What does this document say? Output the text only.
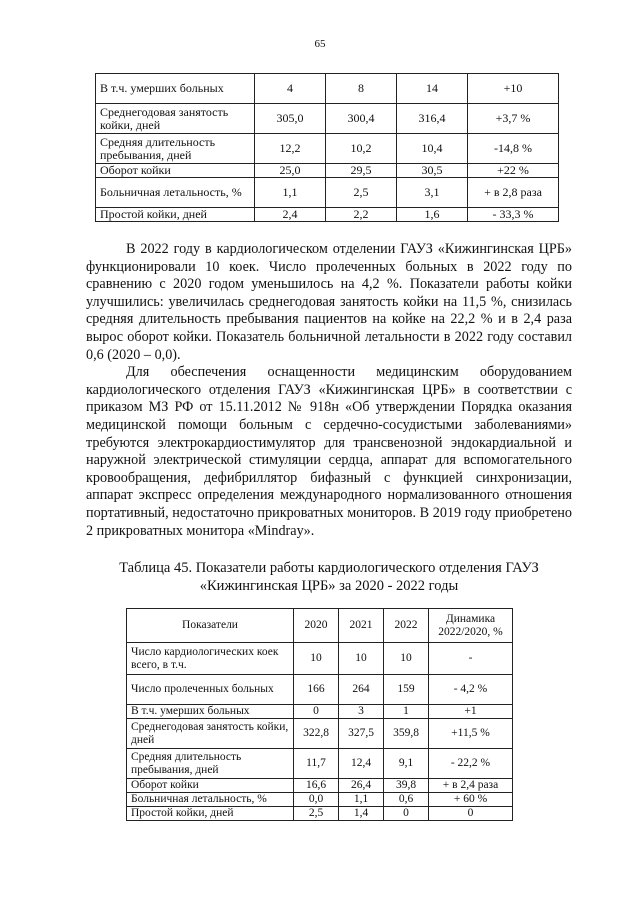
65
В т.ч. умерших больных	4	8	14	+10
Среднегодовая занятость койки, дней	305,0	300,4	316,4	+3,7 %
Средняя длительность пребывания, дней	12,2	10,2	10,4	-14,8 %
Оборот койки	25,0	29,5	30,5	+22 %
Больничная летальность, %	1,1	2,5	3,1	+ в 2,8 раза
Простой койки, дней	2,4	2,2	1,6	- 33,3 %

В 2022 году в кардиологическом отделении ГАУЗ «Кижингинская ЦРБ» функционировали 10 коек. Число пролеченных больных в 2022 году по сравнению с 2020 годом уменьшилось на 4,2 %. Показатели работы койки улучшились: увеличилась среднегодовая занятость койки на 11,5 %, снизилась средняя длительность пребывания пациентов на койке на 22,2 % и в 2,4 раза вырос оборот койки. Показатель больничной летальности в 2022 году составил 0,6 (2020 – 0,0).

Для обеспечения оснащенности медицинским оборудованием кардиологического отделения ГАУЗ «Кижингинская ЦРБ» в соответствии с приказом МЗ РФ от 15.11.2012 № 918н «Об утверждении Порядка оказания медицинской помощи больным с сердечно-сосудистыми заболеваниями» требуются электрокардиостимулятор для трансвенозной эндокардиальной и наружной электрической стимуляции сердца, аппарат для вспомогательного кровообращения, дефибриллятор бифазный с функцией синхронизации, аппарат экспресс определения международного нормализованного отношения портативный, недостаточно прикроватных мониторов. В 2019 году приобретено 2 прикроватных монитора «Mindray».

Таблица 45. Показатели работы кардиологического отделения ГАУЗ
«Кижингинская ЦРБ» за 2020 - 2022 годы
Показатели	2020	2021	2022	Динамика 2022/2020, %
Число кардиологических коек всего, в т.ч.	10	10	10	-
Число пролеченных больных	166	264	159	- 4,2 %
В т.ч. умерших больных	0	3	1	+1
Среднегодовая занятость койки, дней	322,8	327,5	359,8	+11,5 %
Средняя длительность пребывания, дней	11,7	12,4	9,1	- 22,2 %
Оборот койки	16,6	26,4	39,8	+ в 2,4 раза
Больничная летальность, %	0,0	1,1	0,6	+ 60 %
Простой койки, дней	2,5	1,4	0	0
